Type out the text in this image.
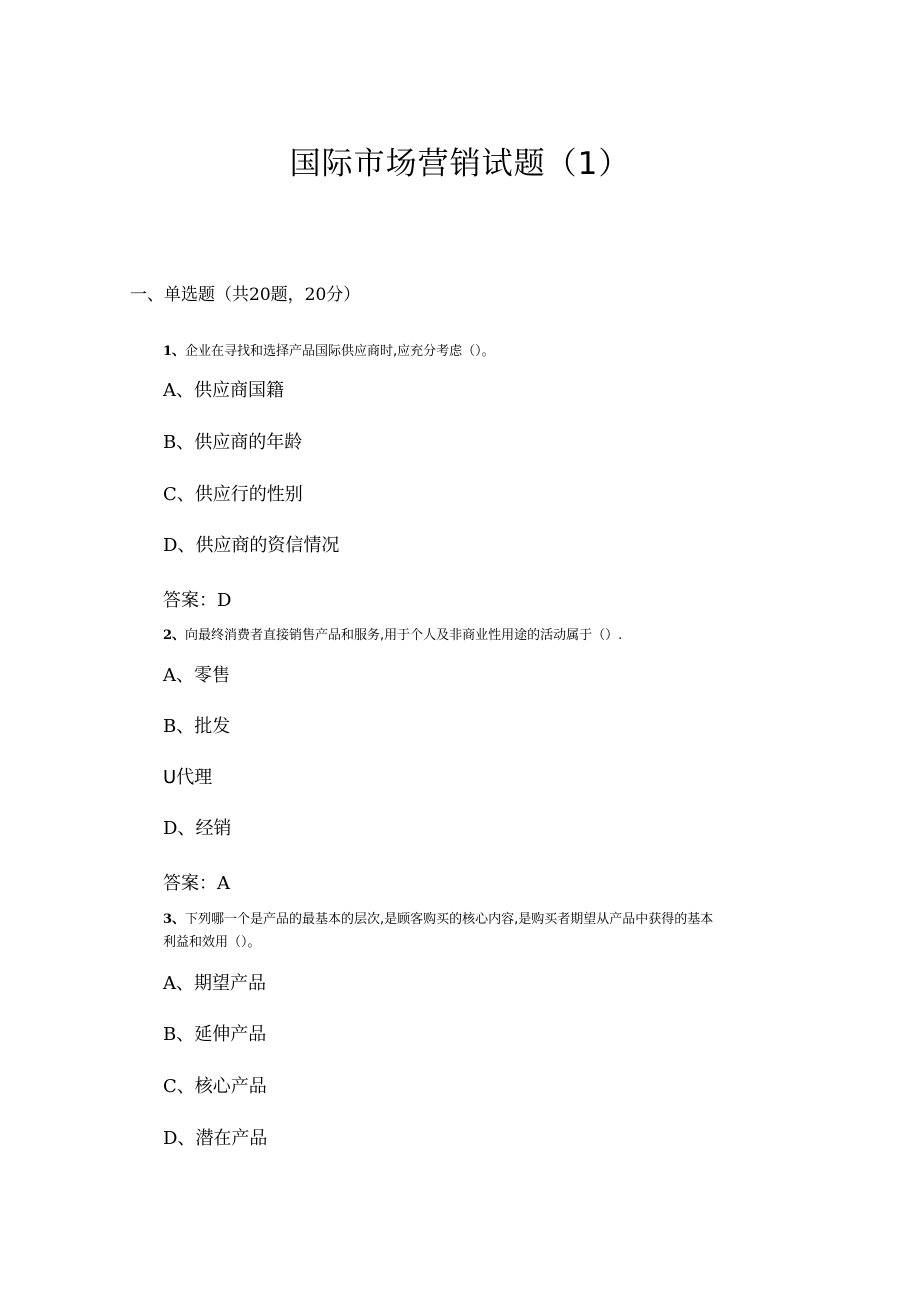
国际市场营销试题（1）
一、单选题（共20题，20分）
1、企业在寻找和选择产品国际供应商时,应充分考虑（）。
A、供应商国籍
B、供应商的年龄
C、供应行的性别
D、供应商的资信情况
答案：D
2、向最终消费者直接销售产品和服务,用于个人及非商业性用途的活动属于（）.
A、零售
B、批发
U代理
D、经销
答案：A
3、下列哪一个是产品的最基本的层次,是顾客购买的核心内容,是购买者期望从产品中获得的基本
利益和效用（）。
A、期望产品
B、延伸产品
C、核心产品
D、潜在产品
